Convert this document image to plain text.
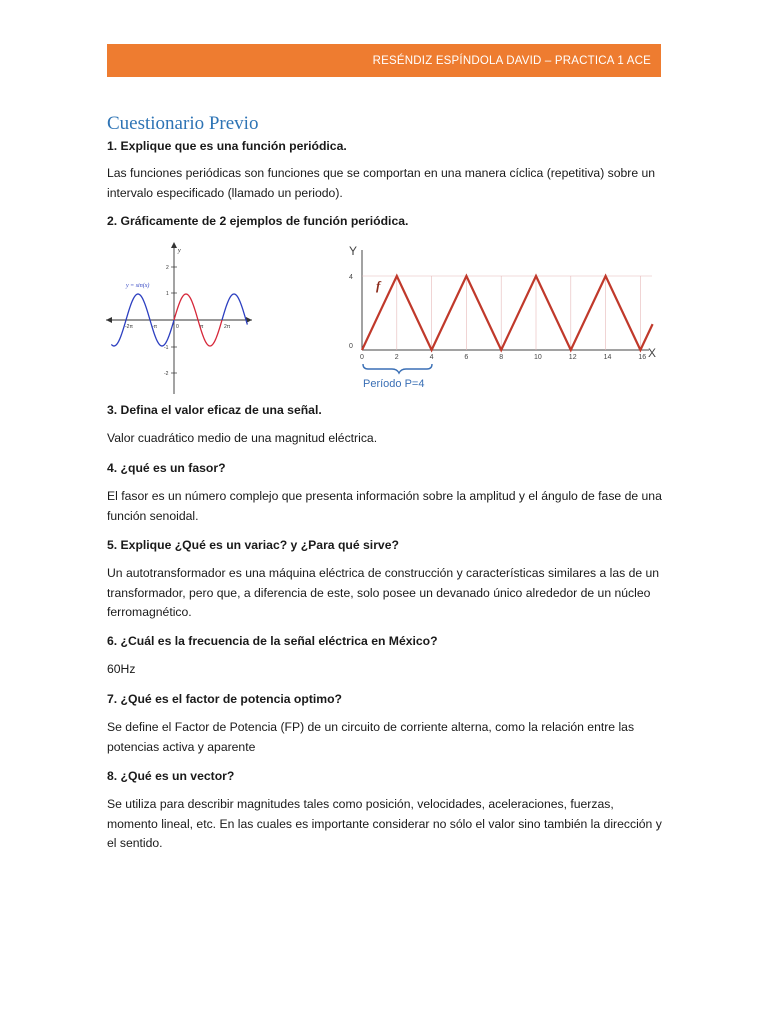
RESÉNDIZ ESPÍNDOLA DAVID – PRACTICA 1 ACE
Cuestionario Previo
1. Explique que es una función periódica.
Las funciones periódicas son funciones que se comportan en una manera cíclica (repetitiva) sobre un intervalo especificado (llamado un periodo).
2. Gráficamente de 2 ejemplos de función periódica.
y
2
1
-1
-2
-2π	-π	0	π	2π
y = sin(x)
Y
X
4
0
0	2	4	6	8	10	12	14	16
f
Período P=4
3. Defina el valor eficaz de una señal.
Valor cuadrático medio de una magnitud eléctrica.
4. ¿qué es un fasor?
El fasor es un número complejo que presenta información sobre la amplitud y el ángulo de fase de una función senoidal.
5. Explique ¿Qué es un variac? y ¿Para qué sirve?
Un autotransformador es una máquina eléctrica de construcción y características similares a las de un transformador, pero que, a diferencia de este, solo posee un devanado único alrededor de un núcleo ferromagnético.
6. ¿Cuál es la frecuencia de la señal eléctrica en México?
60Hz
7. ¿Qué es el factor de potencia optimo?
Se define el Factor de Potencia (FP) de un circuito de corriente alterna, como la relación entre las potencias activa y aparente
8. ¿Qué es un vector?
Se utiliza para describir magnitudes tales como posición, velocidades, aceleraciones, fuerzas, momento lineal, etc. En las cuales es importante considerar no sólo el valor sino también la dirección y el sentido.
